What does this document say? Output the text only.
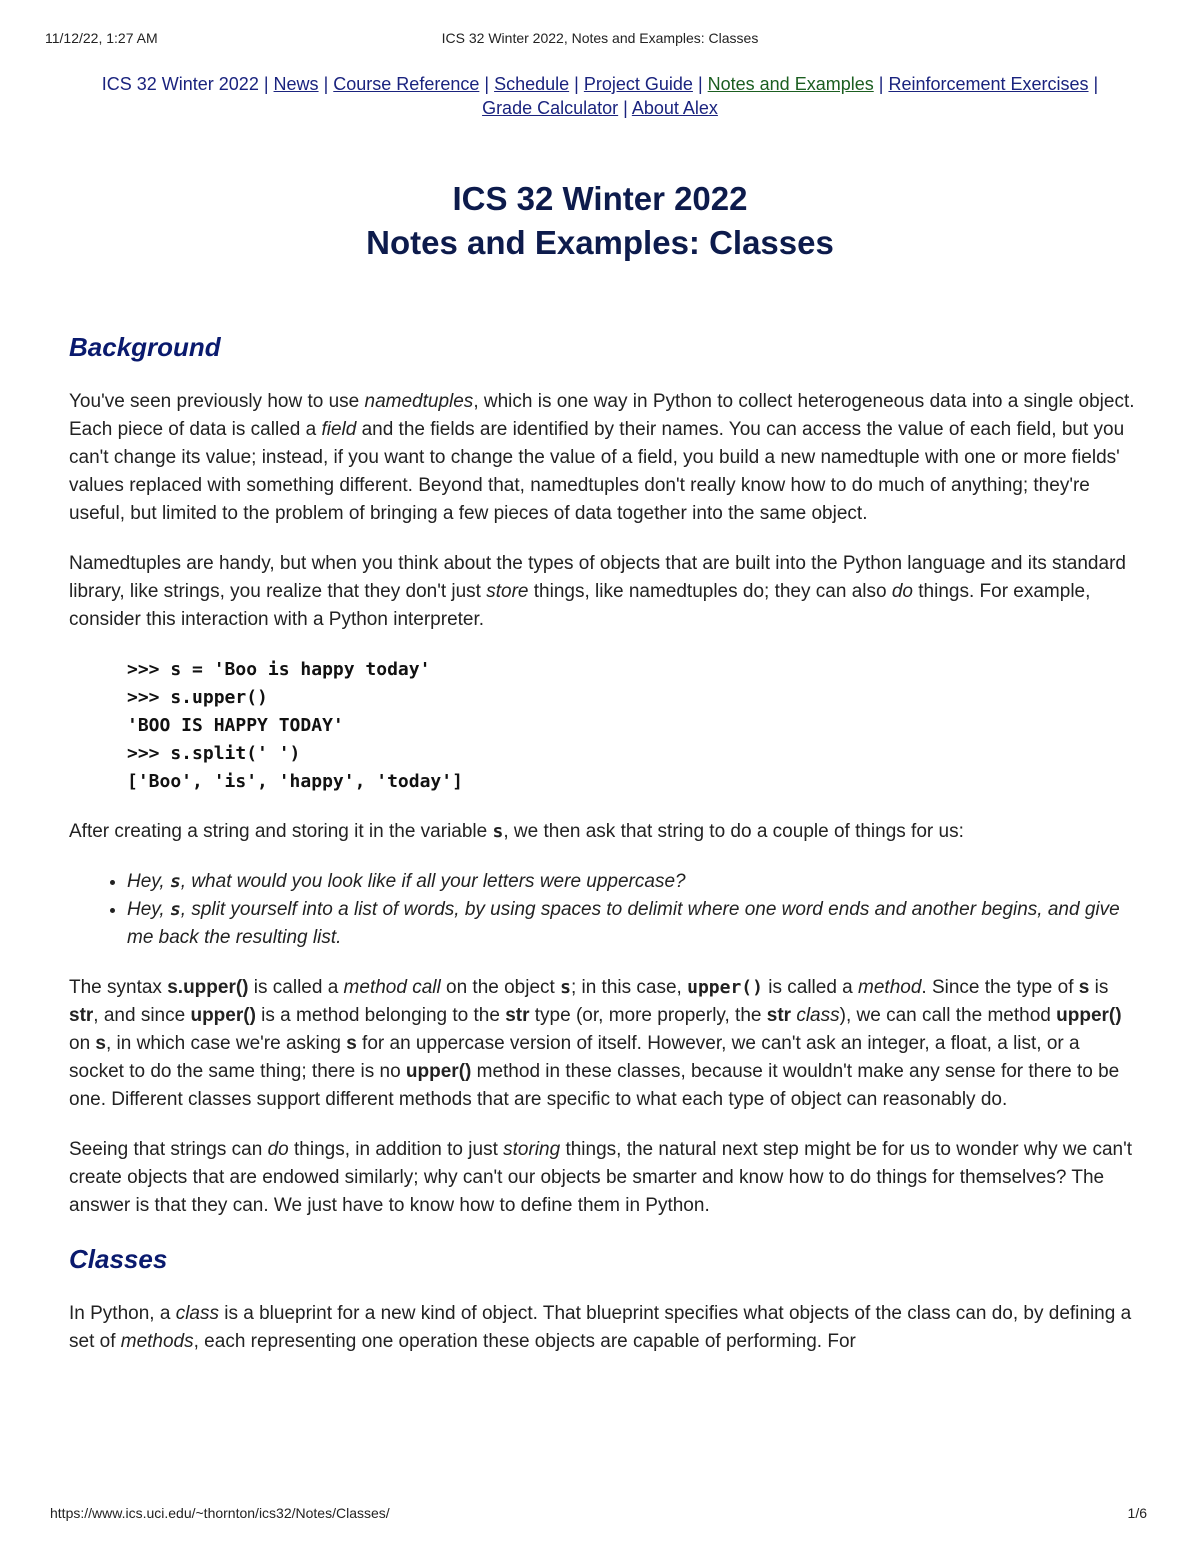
11/12/22, 1:27 AM	ICS 32 Winter 2022, Notes and Examples: Classes
ICS 32 Winter 2022 | News | Course Reference | Schedule | Project Guide | Notes and Examples | Reinforcement Exercises | Grade Calculator | About Alex
ICS 32 Winter 2022
Notes and Examples: Classes
Background

You've seen previously how to use namedtuples, which is one way in Python to collect heterogeneous data into a single object. Each piece of data is called a field and the fields are identified by their names. You can access the value of each field, but you can't change its value; instead, if you want to change the value of a field, you build a new namedtuple with one or more fields' values replaced with something different. Beyond that, namedtuples don't really know how to do much of anything; they're useful, but limited to the problem of bringing a few pieces of data together into the same object.

Namedtuples are handy, but when you think about the types of objects that are built into the Python language and its standard library, like strings, you realize that they don't just store things, like namedtuples do; they can also do things. For example, consider this interaction with a Python interpreter.

>>> s = 'Boo is happy today'
>>> s.upper()
'BOO IS HAPPY TODAY'
>>> s.split(' ')
['Boo', 'is', 'happy', 'today']

After creating a string and storing it in the variable s, we then ask that string to do a couple of things for us:

• Hey, s, what would you look like if all your letters were uppercase?
• Hey, s, split yourself into a list of words, by using spaces to delimit where one word ends and another begins, and give me back the resulting list.

The syntax s.upper() is called a method call on the object s; in this case, upper() is called a method. Since the type of s is str, and since upper() is a method belonging to the str type (or, more properly, the str class), we can call the method upper() on s, in which case we're asking s for an uppercase version of itself. However, we can't ask an integer, a float, a list, or a socket to do the same thing; there is no upper() method in these classes, because it wouldn't make any sense for there to be one. Different classes support different methods that are specific to what each type of object can reasonably do.

Seeing that strings can do things, in addition to just storing things, the natural next step might be for us to wonder why we can't create objects that are endowed similarly; why can't our objects be smarter and know how to do things for themselves? The answer is that they can. We just have to know how to define them in Python.

Classes

In Python, a class is a blueprint for a new kind of object. That blueprint specifies what objects of the class can do, by defining a set of methods, each representing one operation these objects are capable of performing. For

https://www.ics.uci.edu/~thornton/ics32/Notes/Classes/	1/6
